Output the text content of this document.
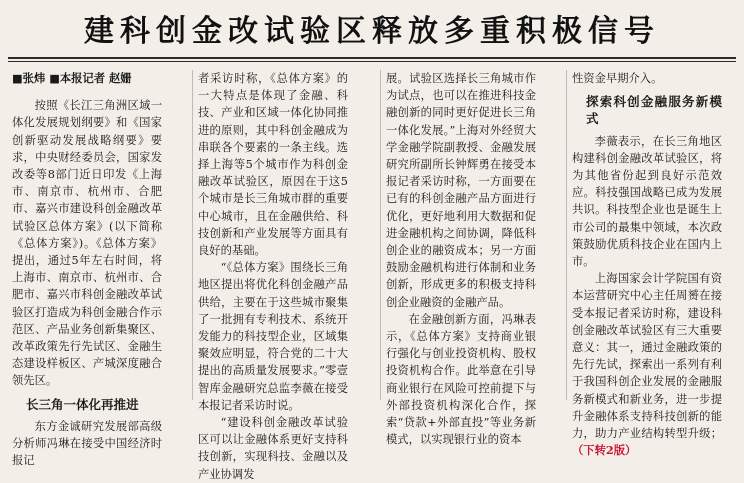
建科创金改试验区释放多重积极信号
■张炜 ■本报记者 赵姗

按照《长江三角洲区域一体化发展规划纲要》和《国家创新驱动发展战略纲要》要求，中央财经委员会，国家发改委等8部门近日印发《上海市、南京市、杭州市、合肥市、嘉兴市建设科创金融改革试验区总体方案》(以下简称《总体方案》)。《总体方案》提出，通过5年左右时间，将上海市、南京市、杭州市、合肥市、嘉兴市科创金融改革试验区打造成为科创金融合作示范区、产品业务创新集聚区、改革政策先行先试区、金融生态建设样板区、产城深度融合领先区。

长三角一体化再推进

东方金诚研究发展部高级分析师冯琳在接受中国经济时报记

者采访时称，《总体方案》的一大特点是体现了金融、科技、产业和区域一体化协同推进的原则，其中科创金融成为串联各个要素的一条主线。选择上海等5个城市作为科创金融改革试验区，原因在于这5个城市是长三角城市群的重要中心城市，且在金融供给、科技创新和产业发展等方面具有良好的基础。

“《总体方案》围绕长三角地区提出将优化科创金融产品供给，主要在于这些城市聚集了一批拥有专利技术、系统开发能力的科技型企业，区域集聚效应明显，符合党的二十大提出的高质量发展要求。”零壹智库金融研究总监李薇在接受本报记者采访时说。

“建设科创金融改革试验区可以让金融体系更好支持科技创新，实现科技、金融以及产业协调发

展。试验区选择长三角城市作为试点，也可以在推进科技金融创新的同时更好促进长三角一体化发展。”上海对外经贸大学金融学院副教授、金融发展研究所副所长钟辉勇在接受本报记者采访时称，一方面要在已有的科创金融产品方面进行优化，更好地利用大数据和促进金融机构之间协调，降低科创企业的融资成本；另一方面鼓励金融机构进行体制和业务创新，形成更多的积极支持科创企业融资的金融产品。

在金融创新方面，冯琳表示，《总体方案》支持商业银行强化与创业投资机构、股权投资机构合作。此举意在引导商业银行在风险可控前提下与外部投资机构深化合作，探索“贷款+外部直投”等业务新模式，以实现银行业的资本

性资金早期介入。

探索科创金融服务新模式

李薇表示，在长三角地区构建科创金融改革试验区，将为其他省份起到良好示范效应。科技强国战略已成为发展共识。科技型企业也是诞生上市公司的最集中领域，本次政策鼓励优质科技企业在国内上市。

上海国家会计学院国有资本运营研究中心主任周赟在接受本报记者采访时称，建设科创金融改革试验区有三大重要意义：其一，通过金融政策的先行先试，探索出一系列有利于我国科创企业发展的金融服务新模式和新业务，进一步提升金融体系支持科技创新的能力，助力产业结构转型升级；（下转2版）
